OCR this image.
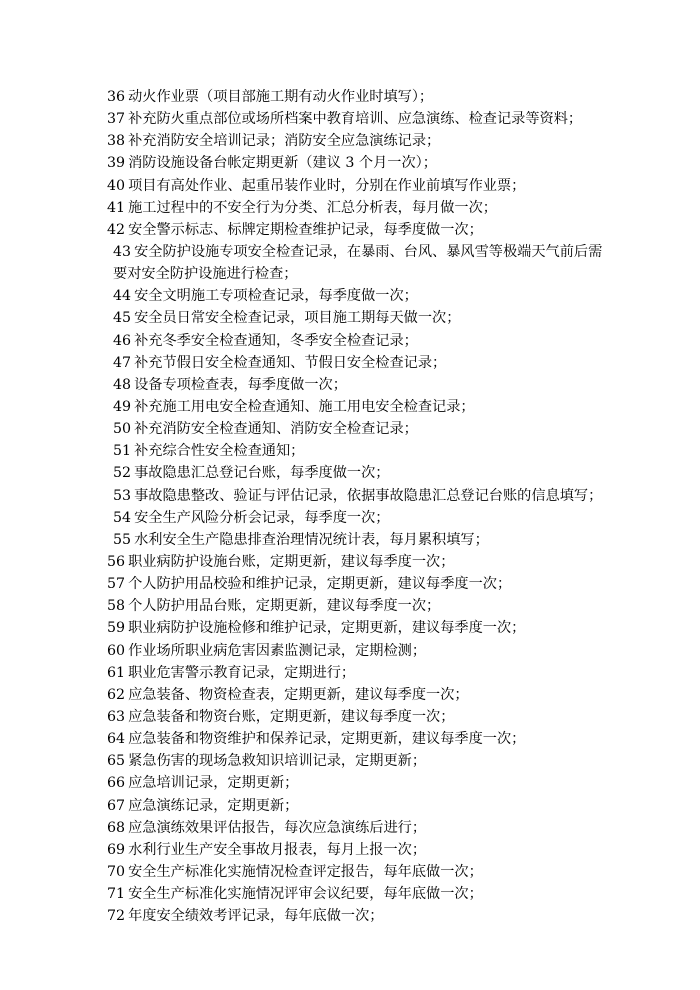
36 动火作业票（项目部施工期有动火作业时填写）；
37 补充防火重点部位或场所档案中教育培训、应急演练、检查记录等资料；
38 补充消防安全培训记录；消防安全应急演练记录；
39 消防设施设备台帐定期更新（建议 3 个月一次）；
40 项目有高处作业、起重吊装作业时，分别在作业前填写作业票；
41 施工过程中的不安全行为分类、汇总分析表，每月做一次；
42 安全警示标志、标牌定期检查维护记录，每季度做一次；
43 安全防护设施专项安全检查记录，在暴雨、台风、暴风雪等极端天气前后需
要对安全防护设施进行检查；
44 安全文明施工专项检查记录，每季度做一次；
45 安全员日常安全检查记录，项目施工期每天做一次；
46 补充冬季安全检查通知，冬季安全检查记录；
47 补充节假日安全检查通知、节假日安全检查记录；
48 设备专项检查表，每季度做一次；
49 补充施工用电安全检查通知、施工用电安全检查记录；
50 补充消防安全检查通知、消防安全检查记录；
51 补充综合性安全检查通知；
52 事故隐患汇总登记台账，每季度做一次；
53 事故隐患整改、验证与评估记录，依据事故隐患汇总登记台账的信息填写；
54 安全生产风险分析会记录，每季度一次；
55 水利安全生产隐患排查治理情况统计表，每月累积填写；
56 职业病防护设施台账，定期更新，建议每季度一次；
57 个人防护用品校验和维护记录，定期更新，建议每季度一次；
58 个人防护用品台账，定期更新，建议每季度一次；
59 职业病防护设施检修和维护记录，定期更新，建议每季度一次；
60 作业场所职业病危害因素监测记录，定期检测；
61 职业危害警示教育记录，定期进行；
62 应急装备、物资检查表，定期更新，建议每季度一次；
63 应急装备和物资台账，定期更新，建议每季度一次；
64 应急装备和物资维护和保养记录，定期更新，建议每季度一次；
65 紧急伤害的现场急救知识培训记录，定期更新；
66 应急培训记录，定期更新；
67 应急演练记录，定期更新；
68 应急演练效果评估报告，每次应急演练后进行；
69 水利行业生产安全事故月报表，每月上报一次；
70 安全生产标准化实施情况检查评定报告，每年底做一次；
71 安全生产标准化实施情况评审会议纪要，每年底做一次；
72 年度安全绩效考评记录，每年底做一次；
